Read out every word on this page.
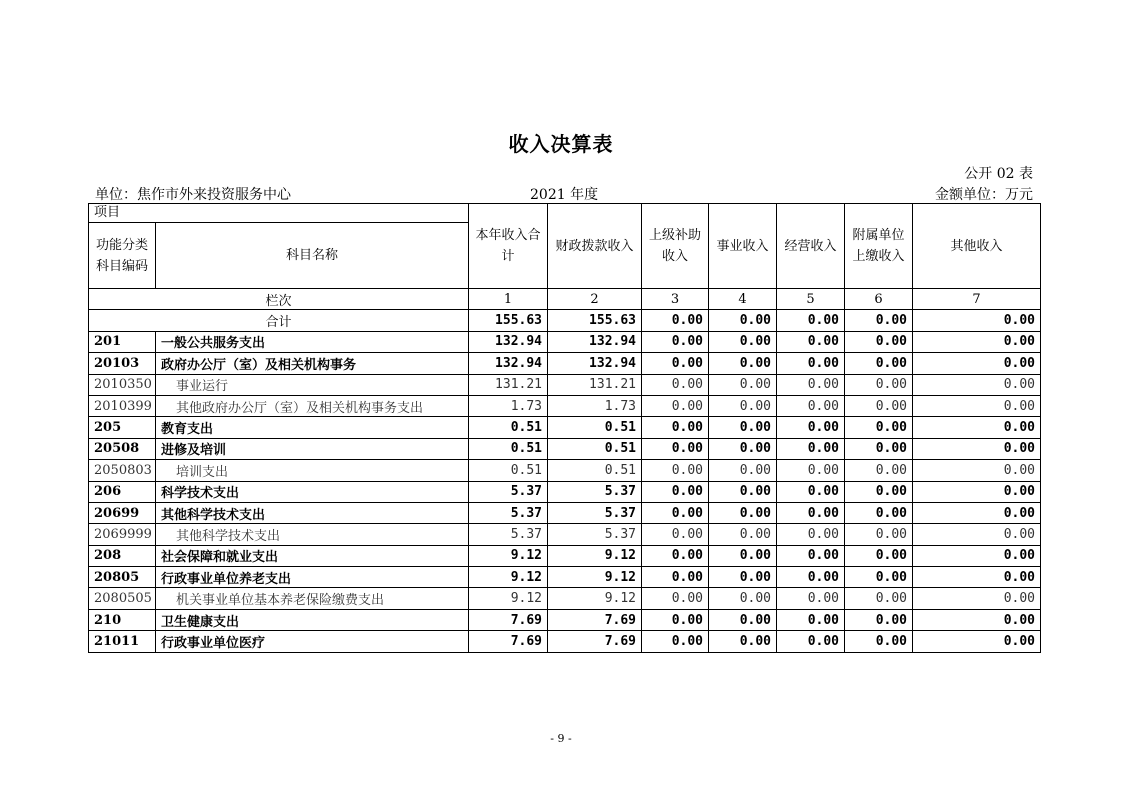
收入决算表
公开 02 表
单位：焦作市外来投资服务中心	2021 年度	金额单位：万元
项目		本年收入合计	财政拨款收入	上级补助收入	事业收入	经营收入	附属单位上缴收入	其他收入
功能分类科目编码	科目名称							
栏次		1	2	3	4	5	6	7
合计		155.63	155.63	0.00	0.00	0.00	0.00	0.00
201	一般公共服务支出	132.94	132.94	0.00	0.00	0.00	0.00	0.00
20103	政府办公厅（室）及相关机构事务	132.94	132.94	0.00	0.00	0.00	0.00	0.00
2010350	事业运行	131.21	131.21	0.00	0.00	0.00	0.00	0.00
2010399	其他政府办公厅（室）及相关机构事务支出	1.73	1.73	0.00	0.00	0.00	0.00	0.00
205	教育支出	0.51	0.51	0.00	0.00	0.00	0.00	0.00
20508	进修及培训	0.51	0.51	0.00	0.00	0.00	0.00	0.00
2050803	培训支出	0.51	0.51	0.00	0.00	0.00	0.00	0.00
206	科学技术支出	5.37	5.37	0.00	0.00	0.00	0.00	0.00
20699	其他科学技术支出	5.37	5.37	0.00	0.00	0.00	0.00	0.00
2069999	其他科学技术支出	5.37	5.37	0.00	0.00	0.00	0.00	0.00
208	社会保障和就业支出	9.12	9.12	0.00	0.00	0.00	0.00	0.00
20805	行政事业单位养老支出	9.12	9.12	0.00	0.00	0.00	0.00	0.00
2080505	机关事业单位基本养老保险缴费支出	9.12	9.12	0.00	0.00	0.00	0.00	0.00
210	卫生健康支出	7.69	7.69	0.00	0.00	0.00	0.00	0.00
21011	行政事业单位医疗	7.69	7.69	0.00	0.00	0.00	0.00	0.00
- 9 -
